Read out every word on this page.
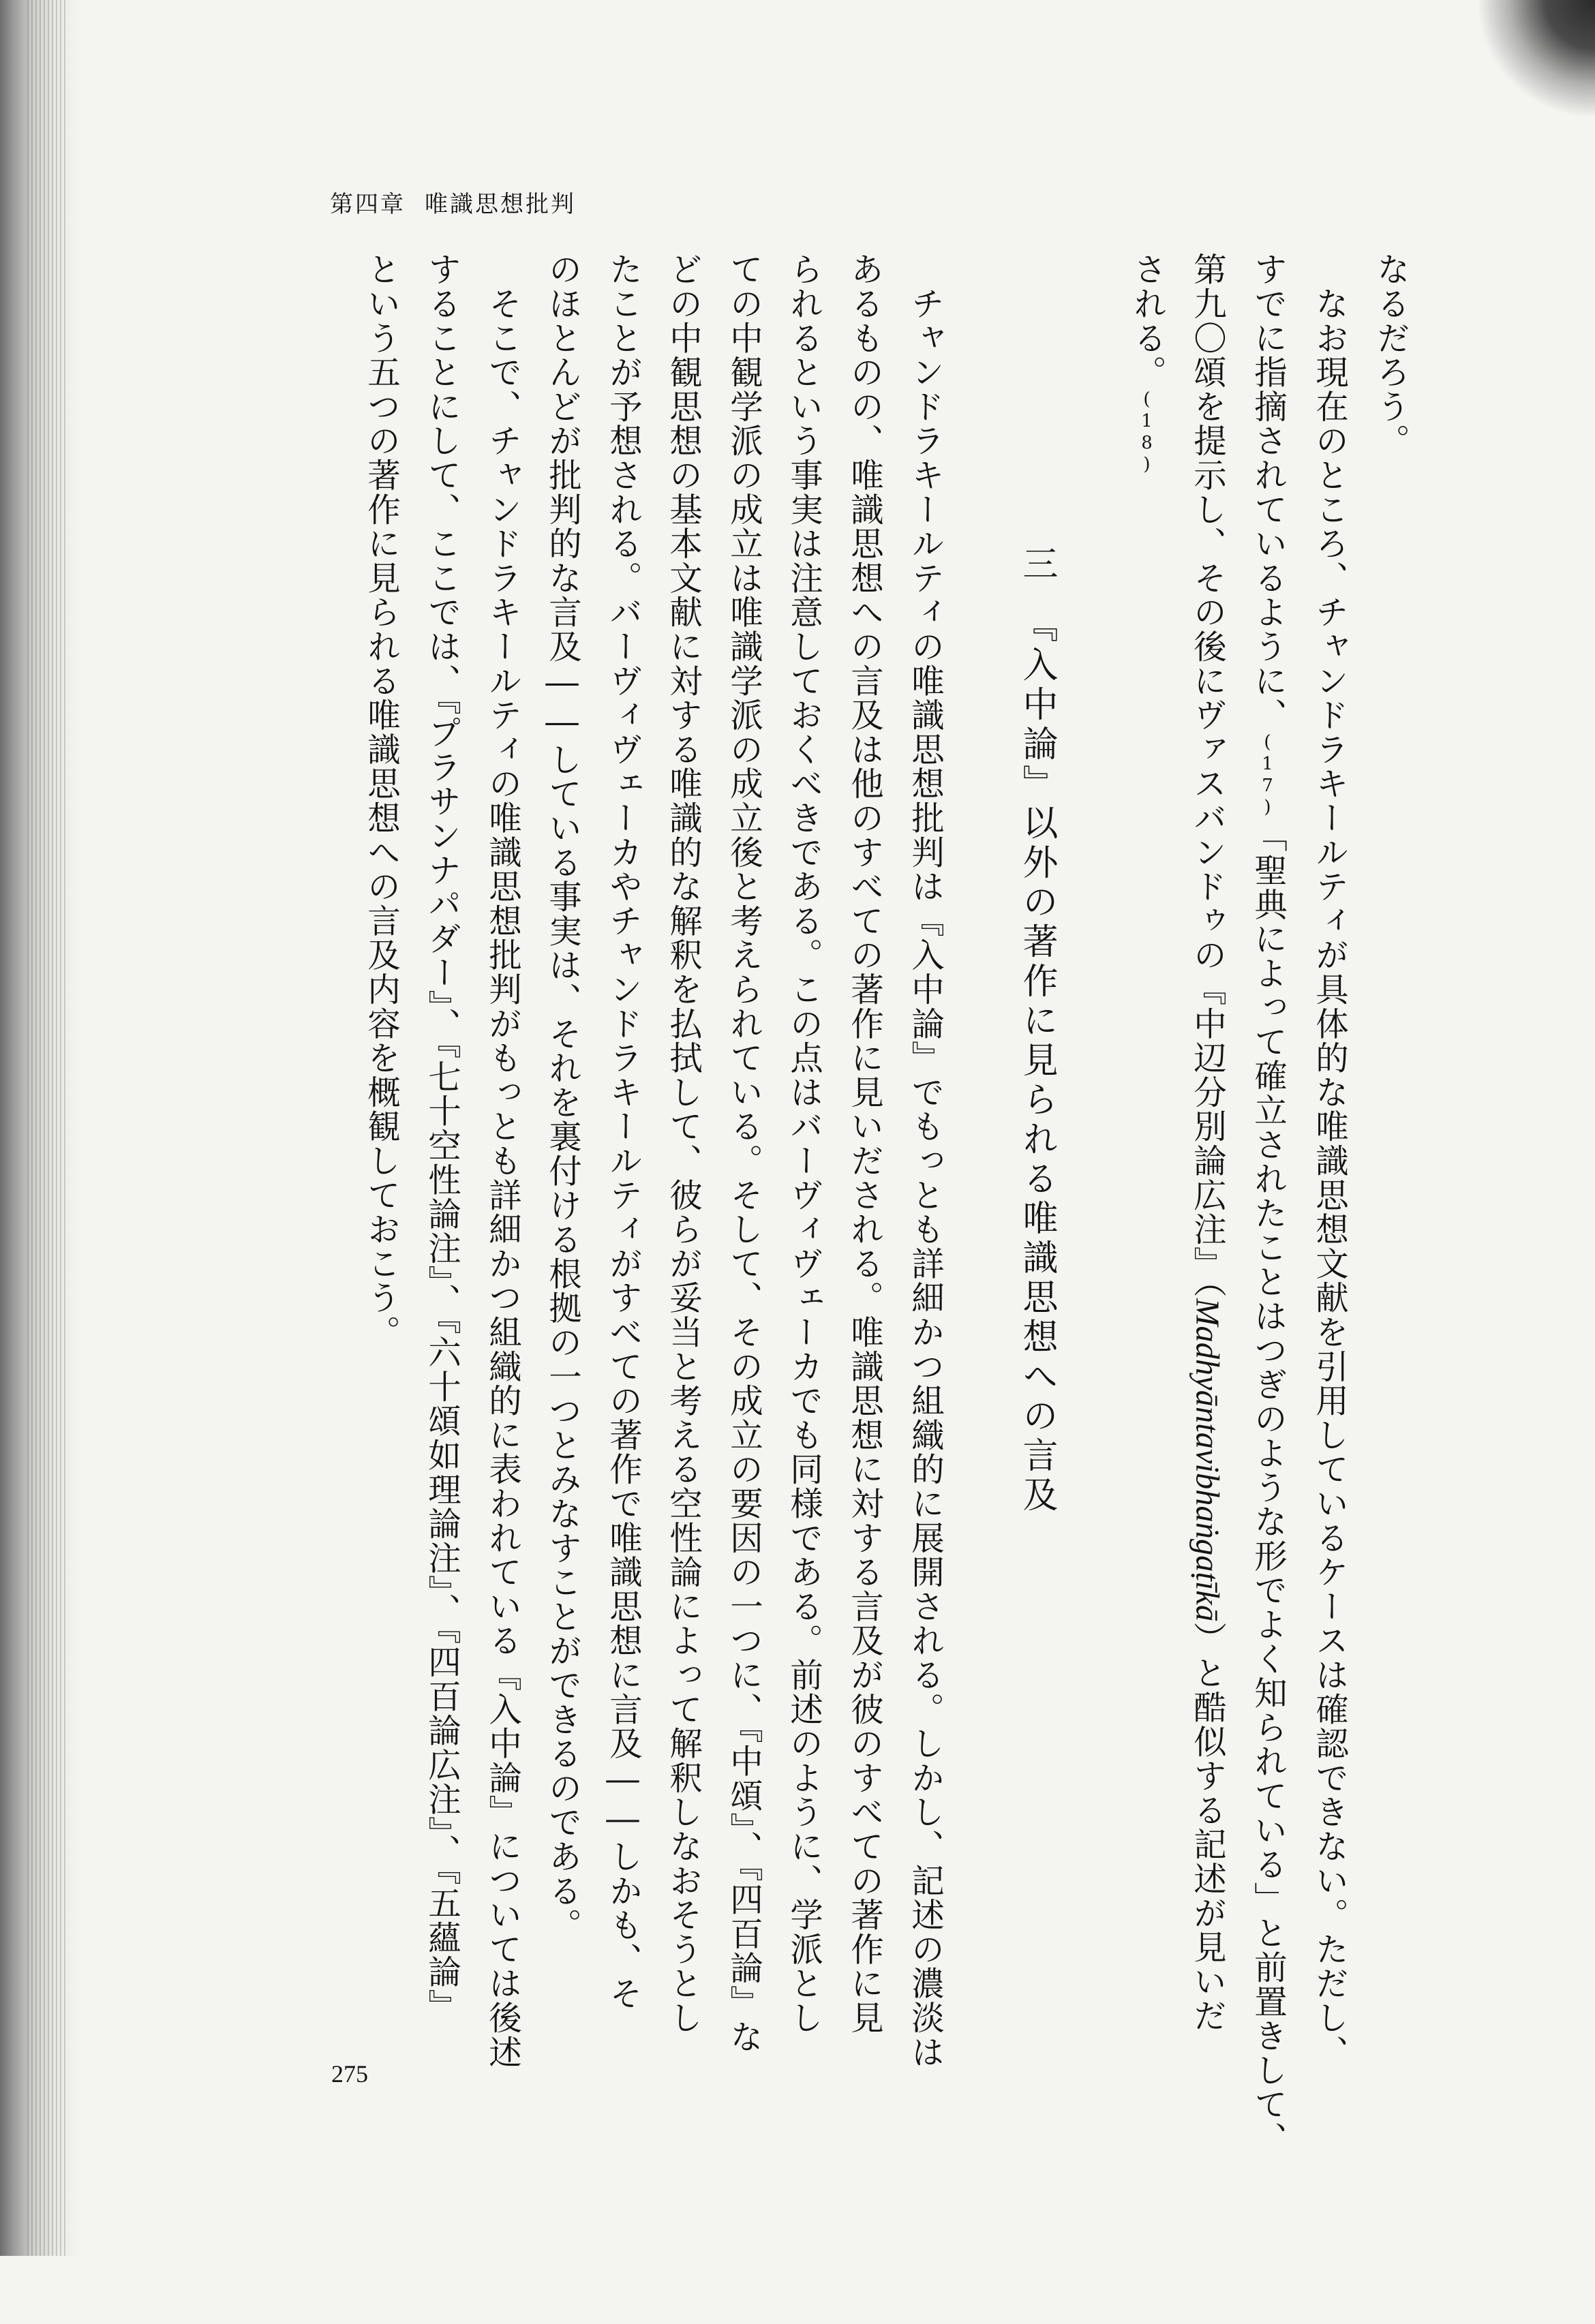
第四章 唯識思想批判
なるだろう。
　なお現在のところ、チャンドラキールティが具体的な唯識思想文献を引用しているケースは確認できない。ただし、
すでに指摘されているように、(17)「聖典によって確立されたことはつぎのような形でよく知られている」と前置きして、
第九〇頌を提示し、その後にヴァスバンドゥの『中辺分別論広注』（Madhyāntavibhaṅgaṭīkā）と酷似する記述が見いだ
される。(18)
三　『入中論』以外の著作に見られる唯識思想への言及
　チャンドラキールティの唯識思想批判は『入中論』でもっとも詳細かつ組織的に展開される。しかし、記述の濃淡は
あるものの、唯識思想への言及は他のすべての著作に見いだされる。唯識思想に対する言及が彼のすべての著作に見
られるという事実は注意しておくべきである。この点はバーヴィヴェーカでも同様である。前述のように、学派とし
ての中観学派の成立は唯識学派の成立後と考えられている。そして、その成立の要因の一つに、『中頌』、『四百論』な
どの中観思想の基本文献に対する唯識的な解釈を払拭して、彼らが妥当と考える空性論によって解釈しなおそうとし
たことが予想される。バーヴィヴェーカやチャンドラキールティがすべての著作で唯識思想に言及――しかも、そ
のほとんどが批判的な言及――している事実は、それを裏付ける根拠の一つとみなすことができるのである。
　そこで、チャンドラキールティの唯識思想批判がもっとも詳細かつ組織的に表われている『入中論』については後述
することにして、ここでは、『プラサンナパダー』、『七十空性論注』、『六十頌如理論注』、『四百論広注』、『五蘊論』
という五つの著作に見られる唯識思想への言及内容を概観しておこう。
275
